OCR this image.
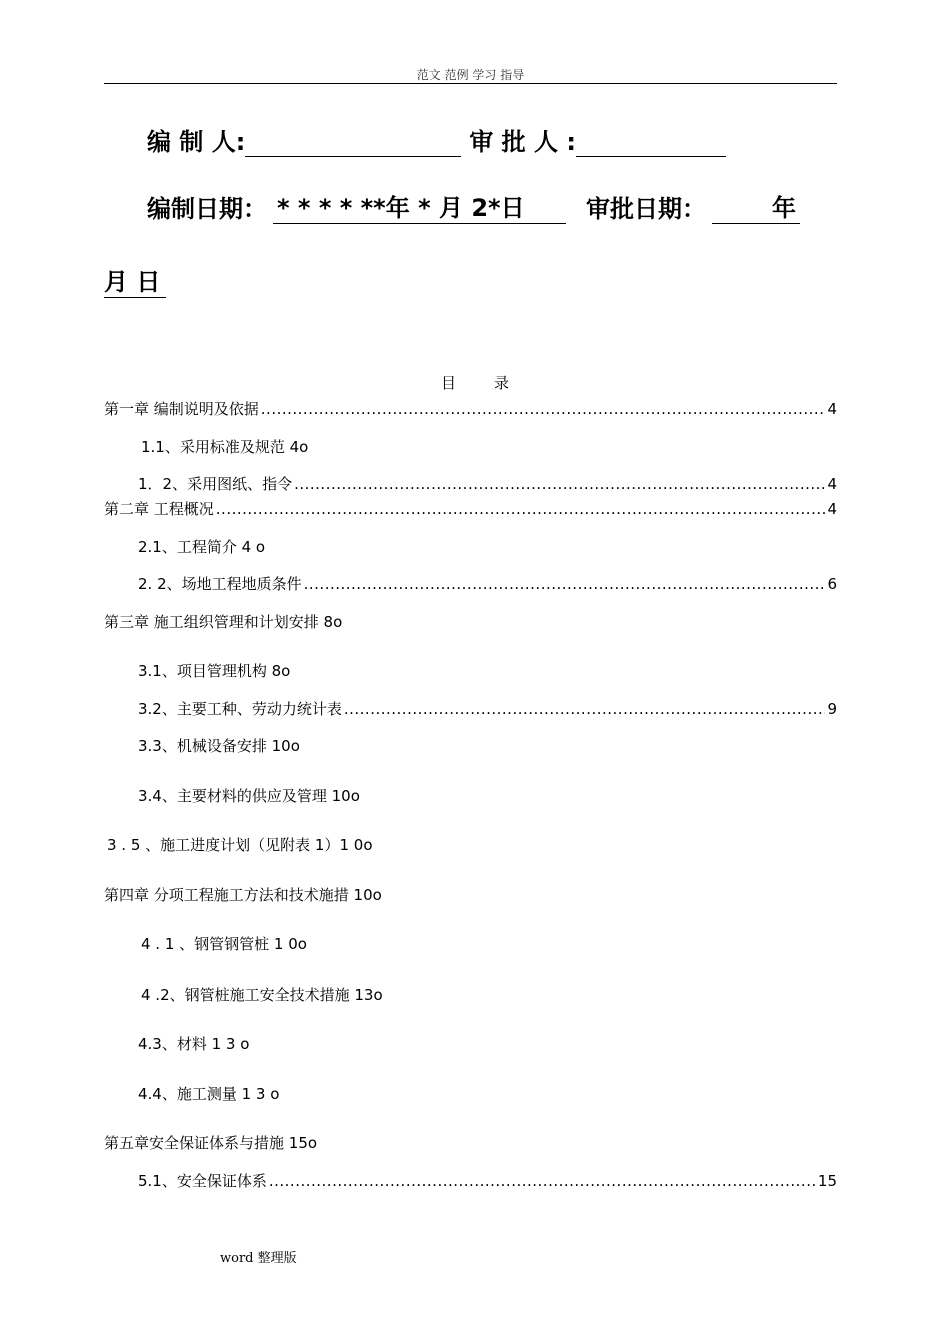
范文 范例 学习 指导
编 制 人:	审 批 人 :
编制日期： * * * * **年 * 月 2*日	审批日期：	年
月 日
目录
第一章 编制说明及依据 .....	4
1.1、采用标准及规范 4o
1．2、采用图纸、指令 .....	4
第二章 工程概况 .....	4
2.1、工程简介 4 o
2. 2、场地工程地质条件 .....	6
第三章 施工组织管理和计划安排 8o
3.1、项目管理机构 8o
3.2、主要工种、劳动力统计表 .....	9
3.3、机械设备安排 10o
3.4、主要材料的供应及管理 10o
3 . 5 、施工进度计划（见附表 1）1 0o
第四章 分项工程施工方法和技术施措 10o
4 . 1 、钢管钢管桩 1 0o
4 .2、钢管桩施工安全技术措施 13o
4.3、材料 1 3 o
4.4、施工测量 1 3 o
第五章安全保证体系与措施 15o
5.1、安全保证体系 .....	15
word 整理版
